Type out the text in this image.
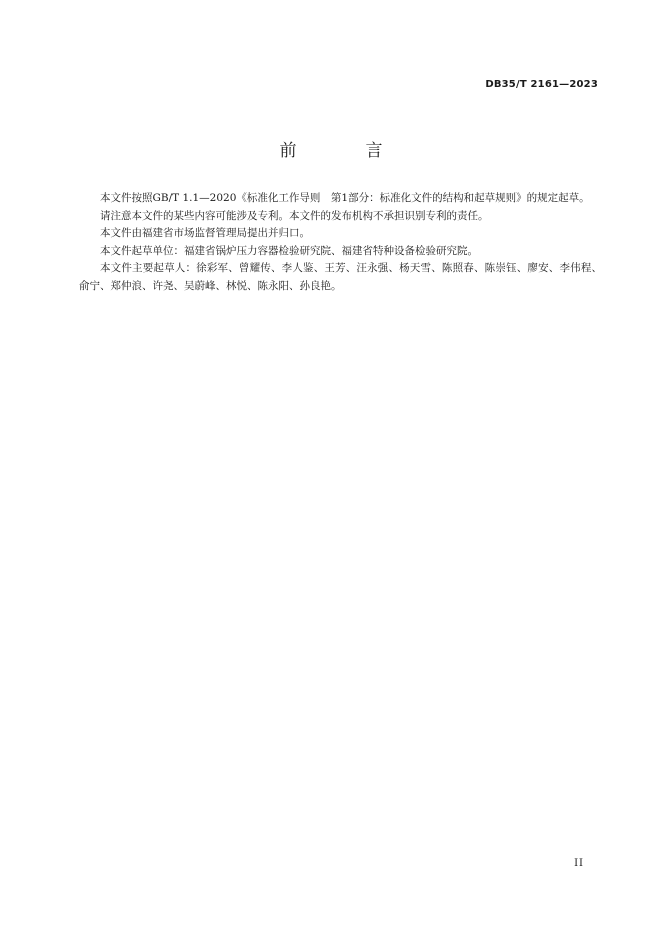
DB35/T 2161—2023
前　言

本文件按照GB/T 1.1—2020《标准化工作导则　第1部分：标准化文件的结构和起草规则》的规定起草。

请注意本文件的某些内容可能涉及专利。本文件的发布机构不承担识别专利的责任。

本文件由福建省市场监督管理局提出并归口。

本文件起草单位：福建省锅炉压力容器检验研究院、福建省特种设备检验研究院。

本文件主要起草人：徐彩军、曾耀传、李人鉴、王芳、汪永强、杨天雪、陈照春、陈崇钰、廖安、李伟程、俞宁、郑仲浪、许尧、吴蔚峰、林悦、陈永阳、孙良艳。

II
